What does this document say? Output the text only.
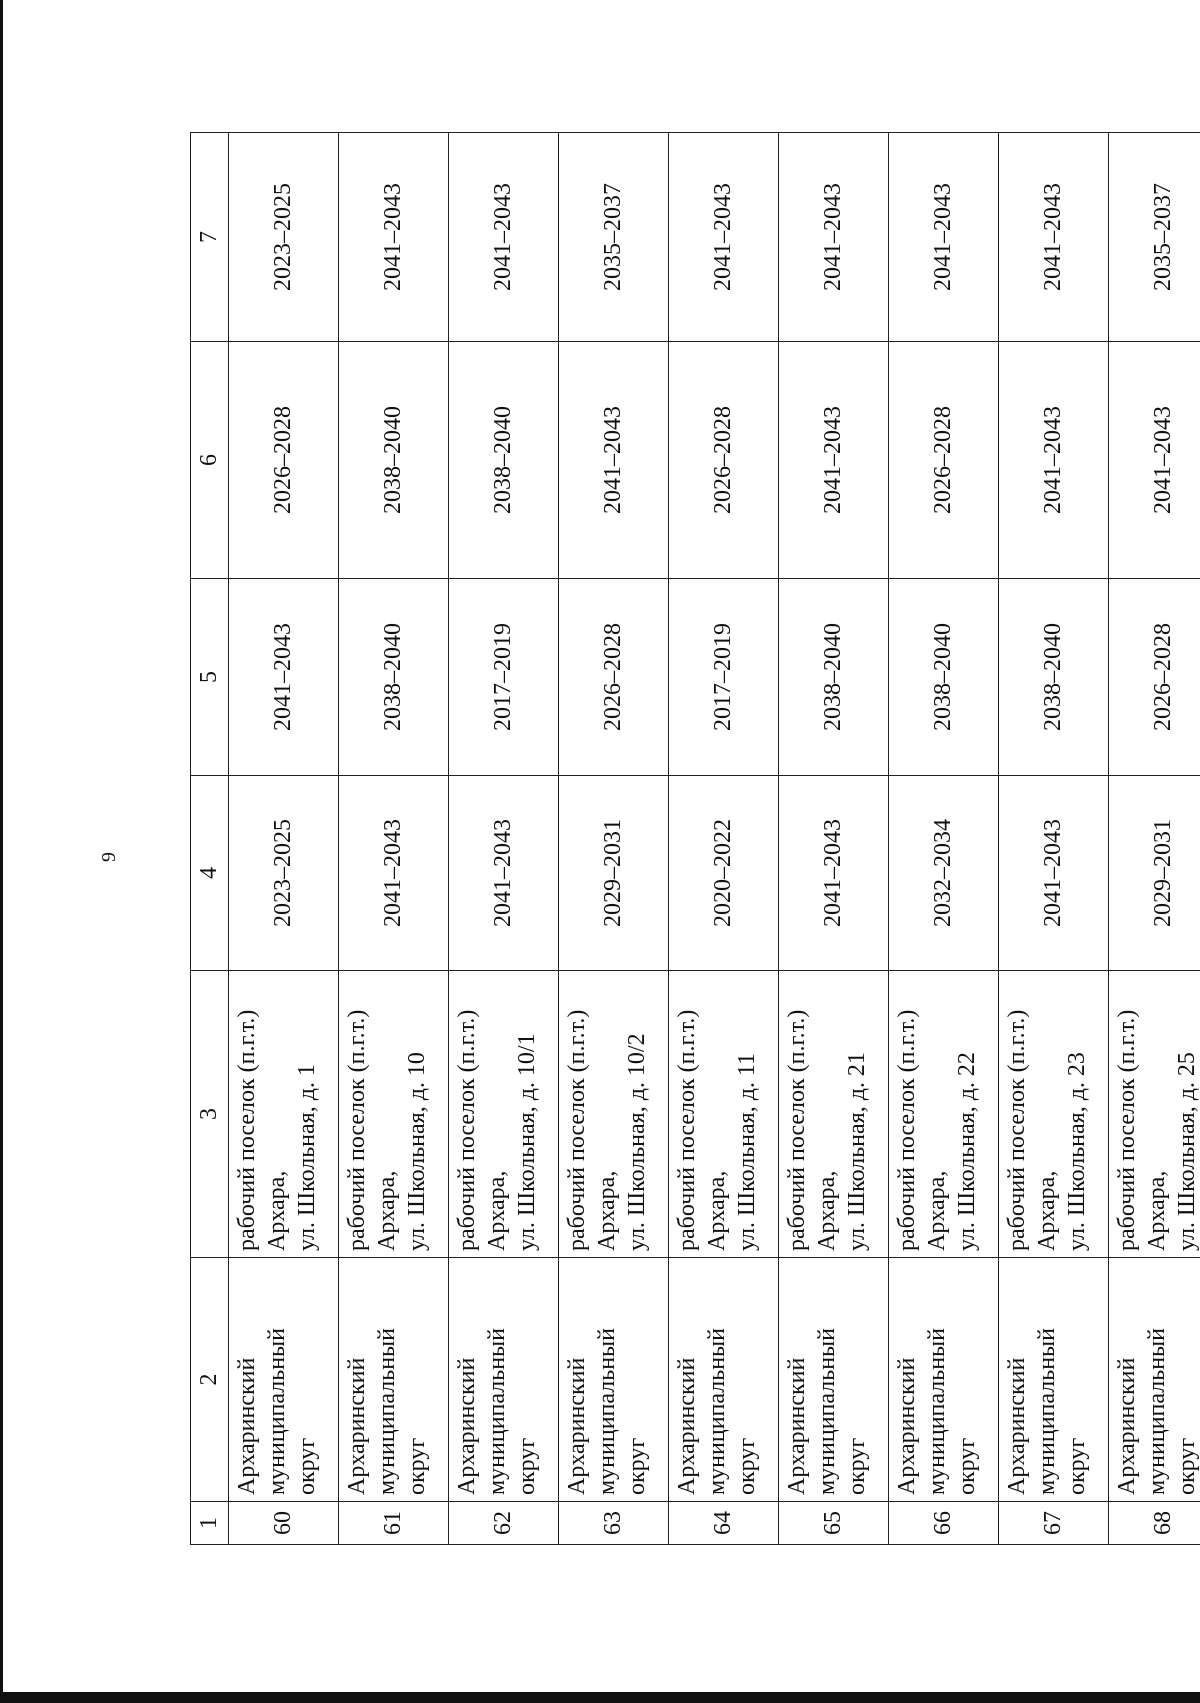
9
1	2	3	4	5	6	7
60	Архаринский муниципальный округ	рабочий поселок (п.г.т.) Архара, ул. Школьная, д. 1	2023–2025	2041–2043	2026–2028	2023–2025
61	Архаринский муниципальный округ	рабочий поселок (п.г.т.) Архара, ул. Школьная, д. 10	2041–2043	2038–2040	2038–2040	2041–2043
62	Архаринский муниципальный округ	рабочий поселок (п.г.т.) Архара, ул. Школьная, д. 10/1	2041–2043	2017–2019	2038–2040	2041–2043
63	Архаринский муниципальный округ	рабочий поселок (п.г.т.) Архара, ул. Школьная, д. 10/2	2029–2031	2026–2028	2041–2043	2035–2037
64	Архаринский муниципальный округ	рабочий поселок (п.г.т.) Архара, ул. Школьная, д. 11	2020–2022	2017–2019	2026–2028	2041–2043
65	Архаринский муниципальный округ	рабочий поселок (п.г.т.) Архара, ул. Школьная, д. 21	2041–2043	2038–2040	2041–2043	2041–2043
66	Архаринский муниципальный округ	рабочий поселок (п.г.т.) Архара, ул. Школьная, д. 22	2032–2034	2038–2040	2026–2028	2041–2043
67	Архаринский муниципальный округ	рабочий поселок (п.г.т.) Архара, ул. Школьная, д. 23	2041–2043	2038–2040	2041–2043	2041–2043
68	Архаринский муниципальный округ	рабочий поселок (п.г.т.) Архара, ул. Школьная, д. 25	2029–2031	2026–2028	2041–2043	2035–2037
